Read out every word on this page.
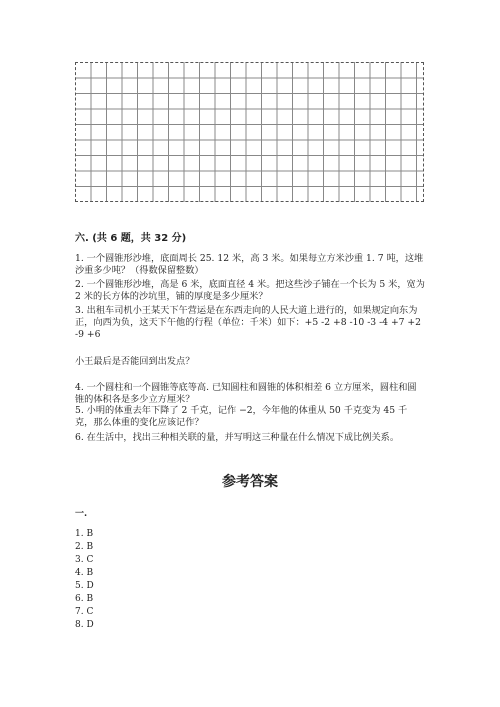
六. (共 6 题，共 32 分)
1. 一个圆锥形沙堆，底面周长 25. 12 米，高 3 米。如果每立方米沙重 1. 7 吨，这堆沙重多少吨？（得数保留整数）
2. 一个圆锥形沙堆，高是 6 米，底面直径 4 米。把这些沙子铺在一个长为 5 米，宽为 2 米的长方体的沙坑里，铺的厚度是多少厘米？
3. 出租车司机小王某天下午营运是在东西走向的人民大道上进行的，如果规定向东为正，向西为负，这天下午他的行程（单位：千米）如下：+5 -2 +8 -10 -3 -4 +7 +2 -9 +6
小王最后是否能回到出发点？
4. 一个圆柱和一个圆锥等底等高. 已知圆柱和圆锥的体积相差 6 立方厘米，圆柱和圆锥的体积各是多少立方厘米？
5. 小明的体重去年下降了 2 千克，记作 −2，今年他的体重从 50 千克变为 45 千克，那么体重的变化应该记作？
6. 在生活中，找出三种相关联的量，并写明这三种量在什么情况下成比例关系。
参考答案
一.
1. B
2. B
3. C
4. B
5. D
6. B
7. C
8. D
